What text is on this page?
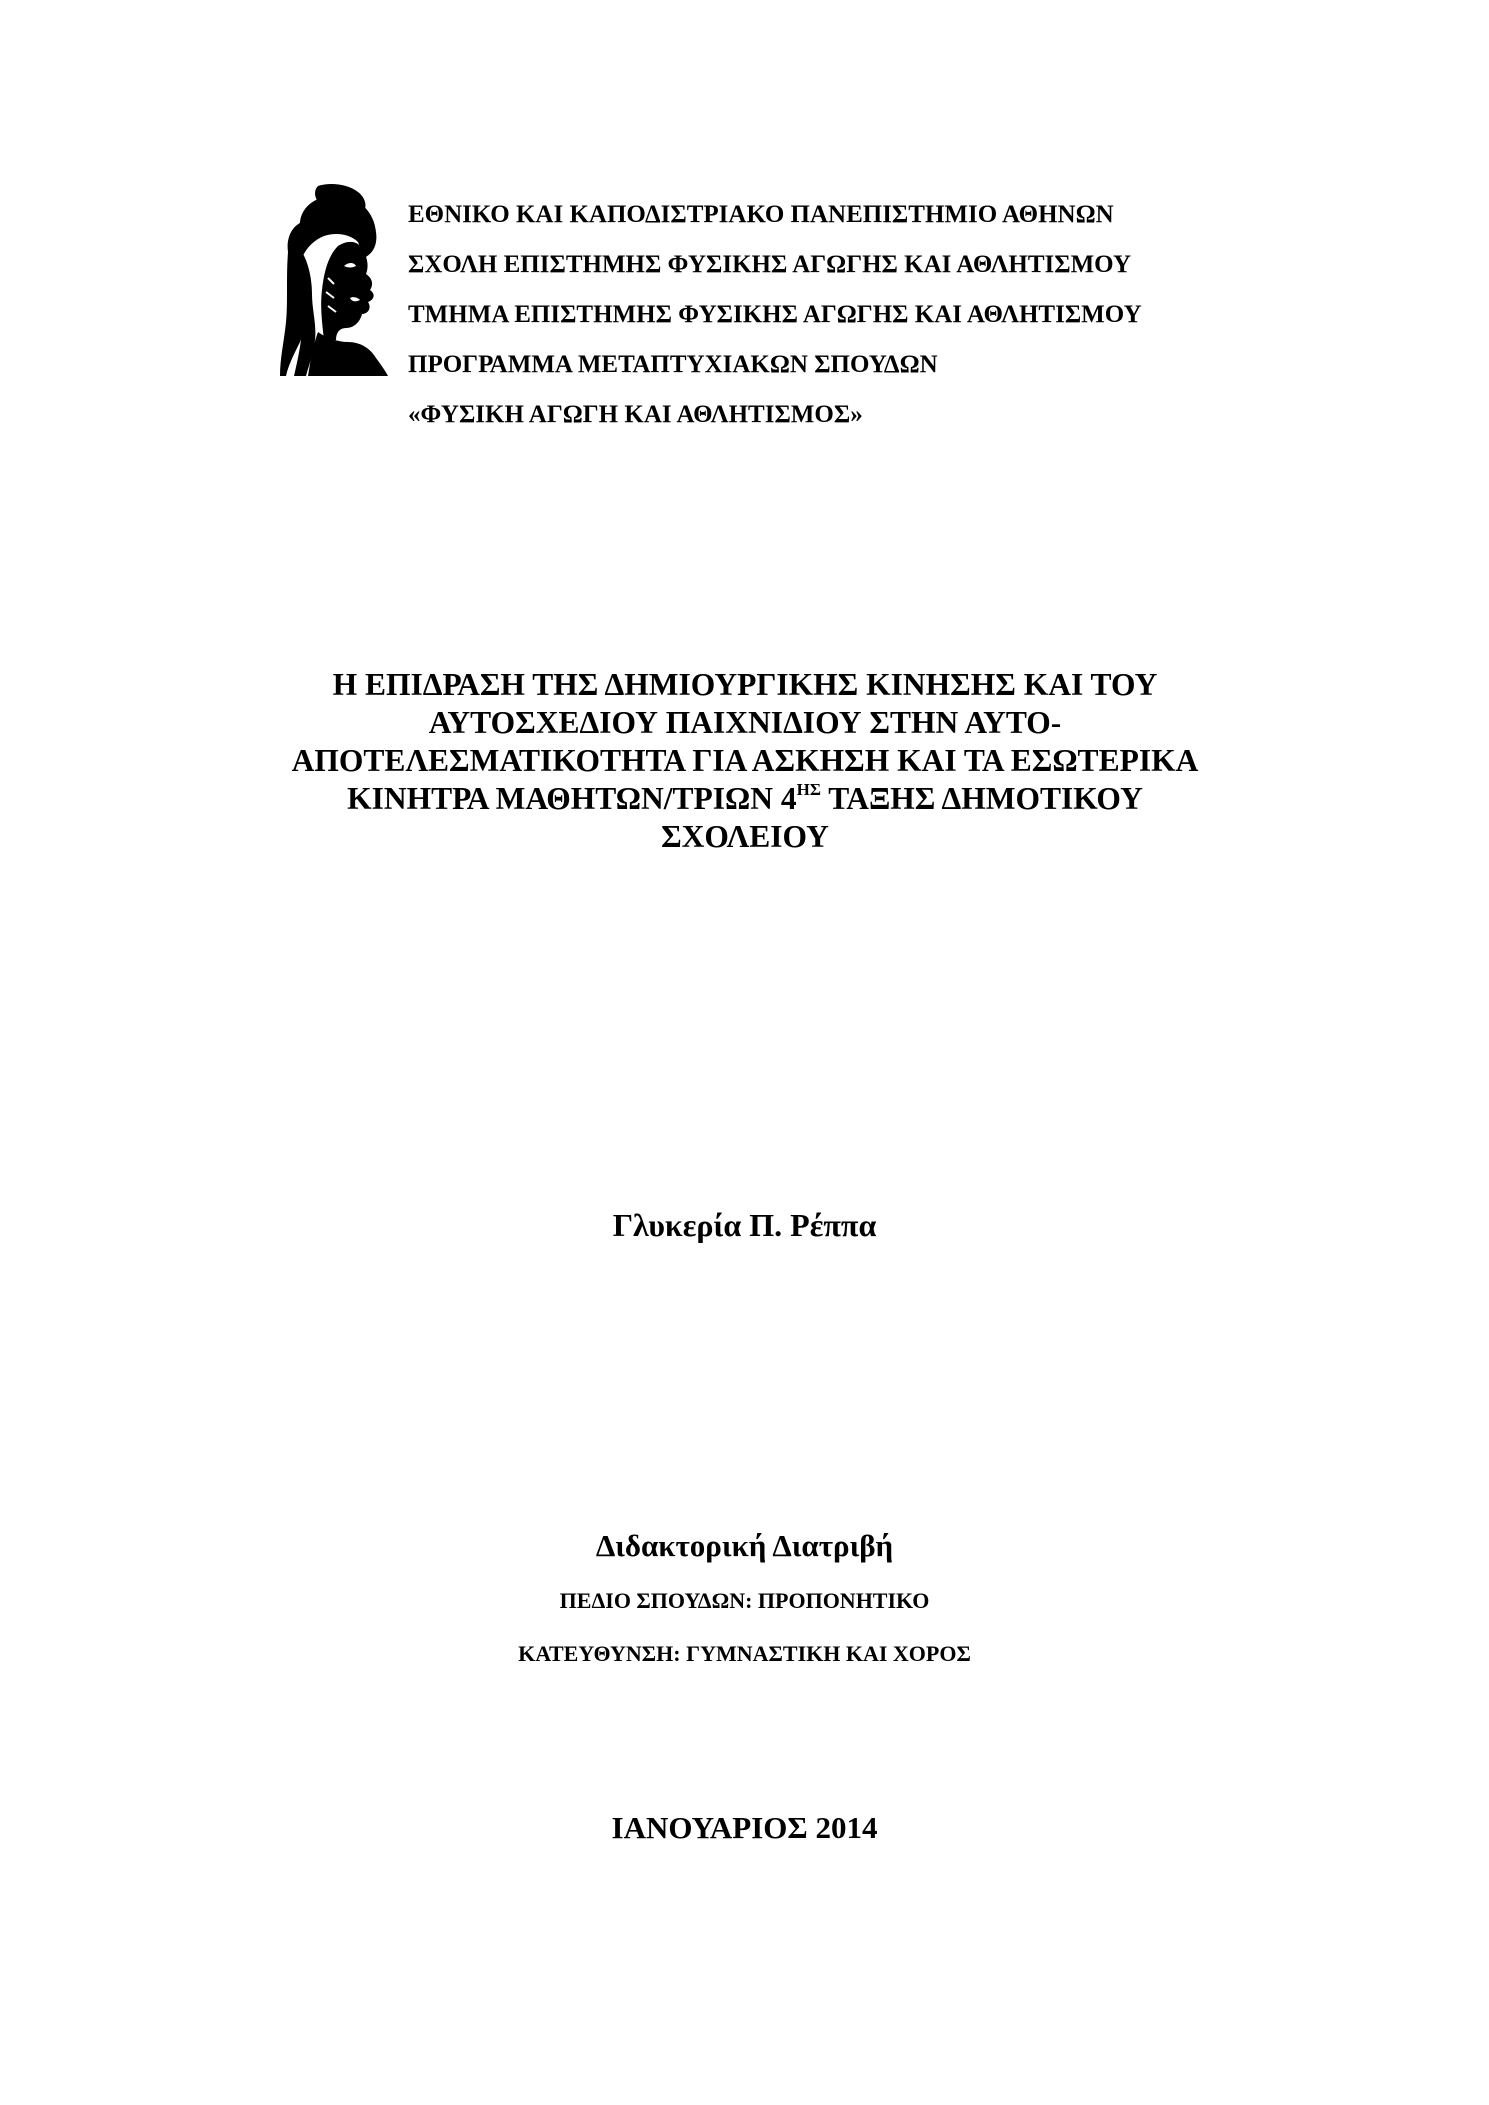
ΕΘΝΙΚΟ ΚΑΙ ΚΑΠΟΔΙΣΤΡΙΑΚΟ ΠΑΝΕΠΙΣΤΗΜΙΟ ΑΘΗΝΩΝ
ΣΧΟΛΗ ΕΠΙΣΤΗΜΗΣ ΦΥΣΙΚΗΣ ΑΓΩΓΗΣ ΚΑΙ ΑΘΛΗΤΙΣΜΟΥ
ΤΜΗΜΑ ΕΠΙΣΤΗΜΗΣ ΦΥΣΙΚΗΣ ΑΓΩΓΗΣ ΚΑΙ ΑΘΛΗΤΙΣΜΟΥ
ΠΡΟΓΡΑΜΜΑ ΜΕΤΑΠΤΥΧΙΑΚΩΝ ΣΠΟΥΔΩΝ
«ΦΥΣΙΚΗ ΑΓΩΓΗ ΚΑΙ ΑΘΛΗΤΙΣΜΟΣ»
Η ΕΠΙΔΡΑΣΗ ΤΗΣ ΔΗΜΙΟΥΡΓΙΚΗΣ ΚΙΝΗΣΗΣ ΚΑΙ ΤΟΥ
ΑΥΤΟΣΧΕΔΙΟΥ ΠΑΙΧΝΙΔΙΟΥ ΣΤΗΝ ΑΥΤΟ-
ΑΠΟΤΕΛΕΣΜΑΤΙΚΟΤΗΤΑ ΓΙΑ ΑΣΚΗΣΗ ΚΑΙ ΤΑ ΕΣΩΤΕΡΙΚΑ
ΚΙΝΗΤΡΑ ΜΑΘΗΤΩΝ/ΤΡΙΩΝ $4^{H\Sigma}$ ΤΑΞΗΣ ΔΗΜΟΤΙΚΟΥ
ΣΧΟΛΕΙΟΥ
Γλυκερία Π. Ρέππα
Διδακτορική Διατριβή
ΠΕΔΙΟ ΣΠΟΥΔΩΝ: ΠΡΟΠΟΝΗΤΙΚΟ
ΚΑΤΕΥΘΥΝΣΗ: ΓΥΜΝΑΣΤΙΚΗ ΚΑΙ ΧΟΡΟΣ
ΙΑΝΟΥΑΡΙΟΣ 2014
